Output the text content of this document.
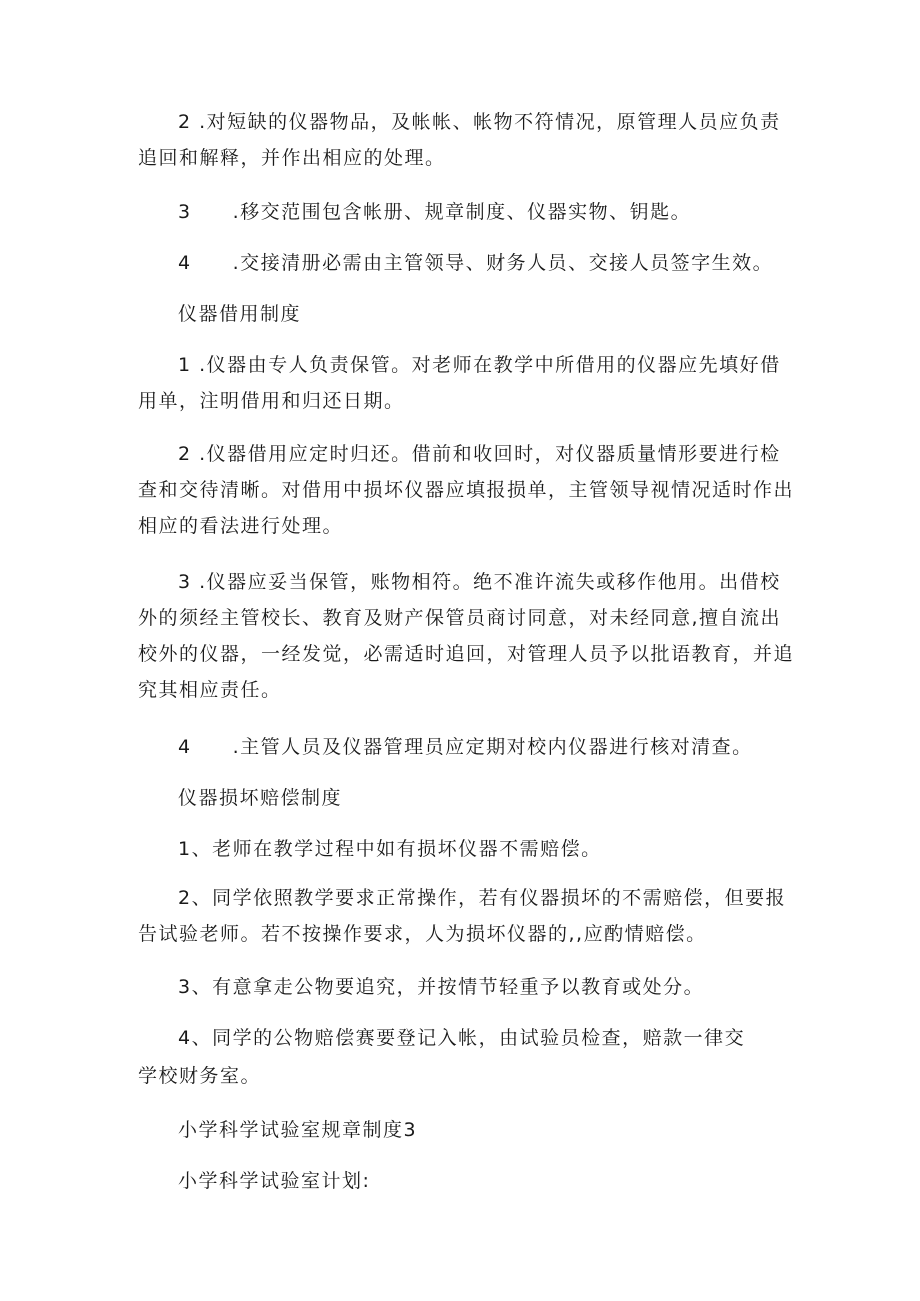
2 .对短缺的仪器物品，及帐帐、帐物不符情况，原管理人员应负责追回和解释，并作出相应的处理。

3　　.移交范围包含帐册、规章制度、仪器实物、钥匙。

4　　.交接清册必需由主管领导、财务人员、交接人员签字生效。

仪器借用制度

1 .仪器由专人负责保管。对老师在教学中所借用的仪器应先填好借用单，注明借用和归还日期。

2 .仪器借用应定时归还。借前和收回时，对仪器质量情形要进行检查和交待清晰。对借用中损坏仪器应填报损单，主管领导视情况适时作出相应的看法进行处理。

3 .仪器应妥当保管，账物相符。绝不准许流失或移作他用。出借校外的须经主管校长、教育及财产保管员商讨同意，对未经同意,擅自流出校外的仪器，一经发觉，必需适时追回，对管理人员予以批语教育，并追究其相应责任。

4　　.主管人员及仪器管理员应定期对校内仪器进行核对清查。

仪器损坏赔偿制度

1、老师在教学过程中如有损坏仪器不需赔偿。

2、同学依照教学要求正常操作，若有仪器损坏的不需赔偿，但要报告试验老师。若不按操作要求，人为损坏仪器的,,应酌情赔偿。

3、有意拿走公物要追究，并按情节轻重予以教育或处分。

4、同学的公物赔偿赛要登记入帐，由试验员检查，赔款一律交

学校财务室。

小学科学试验室规章制度3

小学科学试验室计划:
